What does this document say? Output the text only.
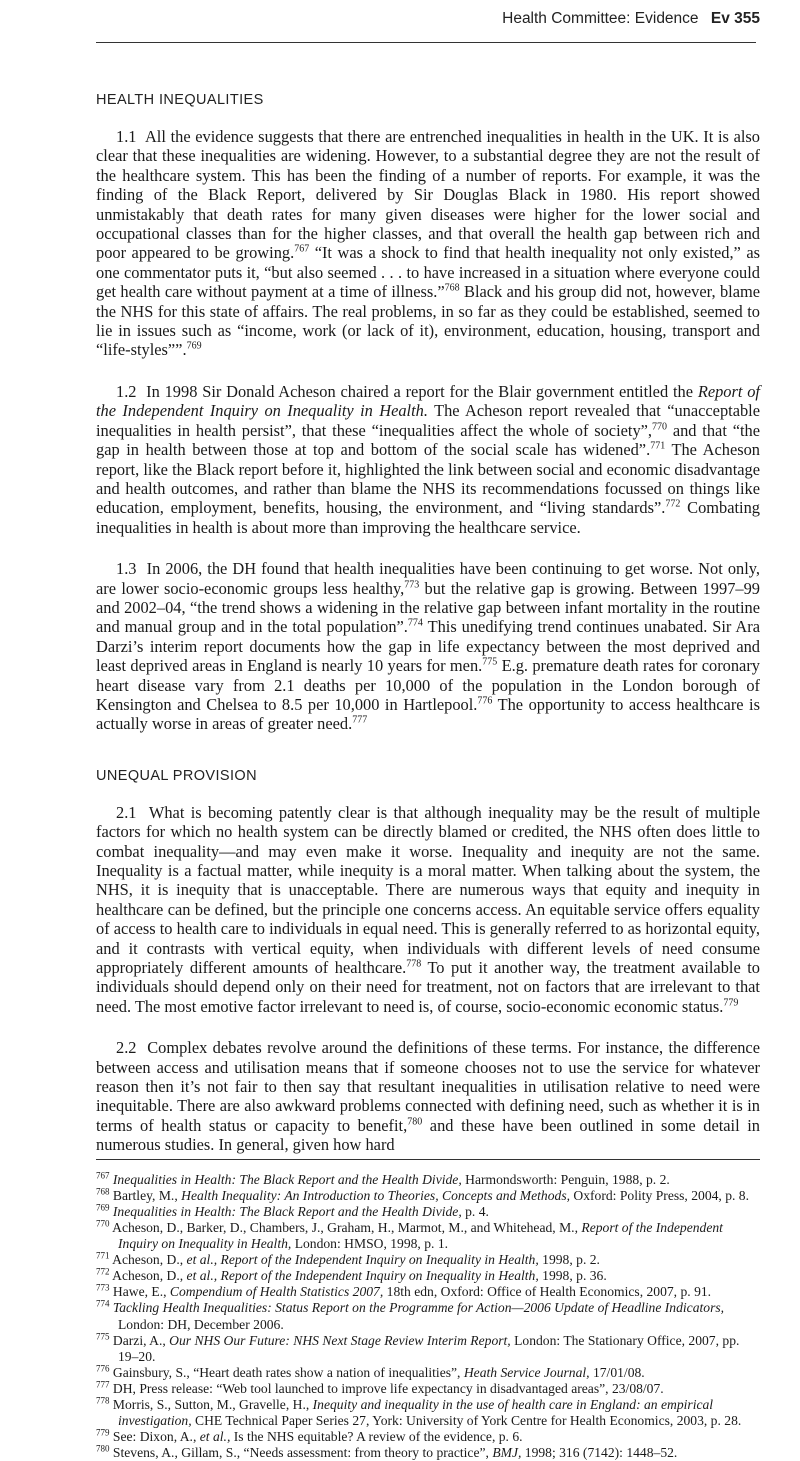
Health Committee: Evidence Ev 355
HEALTH INEQUALITIES

1.1 All the evidence suggests that there are entrenched inequalities in health in the UK. It is also clear that these inequalities are widening. However, to a substantial degree they are not the result of the healthcare system. This has been the finding of a number of reports. For example, it was the finding of the Black Report, delivered by Sir Douglas Black in 1980. His report showed unmistakably that death rates for many given diseases were higher for the lower social and occupational classes than for the higher classes, and that overall the health gap between rich and poor appeared to be growing.$^{767}$ “It was a shock to find that health inequality not only existed,” as one commentator puts it, “but also seemed . . . to have increased in a situation where everyone could get health care without payment at a time of illness.”$^{768}$ Black and his group did not, however, blame the NHS for this state of affairs. The real problems, in so far as they could be established, seemed to lie in issues such as “income, work (or lack of it), environment, education, housing, transport and “life-styles””.$^{769}$

1.2 In 1998 Sir Donald Acheson chaired a report for the Blair government entitled the Report of the Independent Inquiry on Inequality in Health. The Acheson report revealed that “unacceptable inequalities in health persist”, that these “inequalities affect the whole of society”,$^{770}$ and that “the gap in health between those at top and bottom of the social scale has widened”.$^{771}$ The Acheson report, like the Black report before it, highlighted the link between social and economic disadvantage and health outcomes, and rather than blame the NHS its recommendations focussed on things like education, employment, benefits, housing, the environment, and “living standards”.$^{772}$ Combating inequalities in health is about more than improving the healthcare service.

1.3 In 2006, the DH found that health inequalities have been continuing to get worse. Not only, are lower socio-economic groups less healthy,$^{773}$ but the relative gap is growing. Between 1997–99 and 2002–04, “the trend shows a widening in the relative gap between infant mortality in the routine and manual group and in the total population”.$^{774}$ This unedifying trend continues unabated. Sir Ara Darzi’s interim report documents how the gap in life expectancy between the most deprived and least deprived areas in England is nearly 10 years for men.$^{775}$ E.g. premature death rates for coronary heart disease vary from 2.1 deaths per 10,000 of the population in the London borough of Kensington and Chelsea to 8.5 per 10,000 in Hartlepool.$^{776}$ The opportunity to access healthcare is actually worse in areas of greater need.$^{777}$

UNEQUAL PROVISION

2.1 What is becoming patently clear is that although inequality may be the result of multiple factors for which no health system can be directly blamed or credited, the NHS often does little to combat inequality—and may even make it worse. Inequality and inequity are not the same. Inequality is a factual matter, while inequity is a moral matter. When talking about the system, the NHS, it is inequity that is unacceptable. There are numerous ways that equity and inequity in healthcare can be defined, but the principle one concerns access. An equitable service offers equality of access to health care to individuals in equal need. This is generally referred to as horizontal equity, and it contrasts with vertical equity, when individuals with different levels of need consume appropriately different amounts of healthcare.$^{778}$ To put it another way, the treatment available to individuals should depend only on their need for treatment, not on factors that are irrelevant to that need. The most emotive factor irrelevant to need is, of course, socio-economic economic status.$^{779}$

2.2 Complex debates revolve around the definitions of these terms. For instance, the difference between access and utilisation means that if someone chooses not to use the service for whatever reason then it’s not fair to then say that resultant inequalities in utilisation relative to need were inequitable. There are also awkward problems connected with defining need, such as whether it is in terms of health status or capacity to benefit,$^{780}$ and these have been outlined in some detail in numerous studies. In general, given how hard

$^{767}$ Inequalities in Health: The Black Report and the Health Divide, Harmondsworth: Penguin, 1988, p. 2.
$^{768}$ Bartley, M., Health Inequality: An Introduction to Theories, Concepts and Methods, Oxford: Polity Press, 2004, p. 8.
$^{769}$ Inequalities in Health: The Black Report and the Health Divide, p. 4.
$^{770}$ Acheson, D., Barker, D., Chambers, J., Graham, H., Marmot, M., and Whitehead, M., Report of the Independent Inquiry on Inequality in Health, London: HMSO, 1998, p. 1.
$^{771}$ Acheson, D., et al., Report of the Independent Inquiry on Inequality in Health, 1998, p. 2.
$^{772}$ Acheson, D., et al., Report of the Independent Inquiry on Inequality in Health, 1998, p. 36.
$^{773}$ Hawe, E., Compendium of Health Statistics 2007, 18th edn, Oxford: Office of Health Economics, 2007, p. 91.
$^{774}$ Tackling Health Inequalities: Status Report on the Programme for Action—2006 Update of Headline Indicators, London: DH, December 2006.
$^{775}$ Darzi, A., Our NHS Our Future: NHS Next Stage Review Interim Report, London: The Stationary Office, 2007, pp. 19–20.
$^{776}$ Gainsbury, S., “Heart death rates show a nation of inequalities”, Heath Service Journal, 17/01/08.
$^{777}$ DH, Press release: “Web tool launched to improve life expectancy in disadvantaged areas”, 23/08/07.
$^{778}$ Morris, S., Sutton, M., Gravelle, H., Inequity and inequality in the use of health care in England: an empirical investigation, CHE Technical Paper Series 27, York: University of York Centre for Health Economics, 2003, p. 28.
$^{779}$ See: Dixon, A., et al., Is the NHS equitable? A review of the evidence, p. 6.
$^{780}$ Stevens, A., Gillam, S., “Needs assessment: from theory to practice”, BMJ, 1998; 316 (7142): 1448–52.
